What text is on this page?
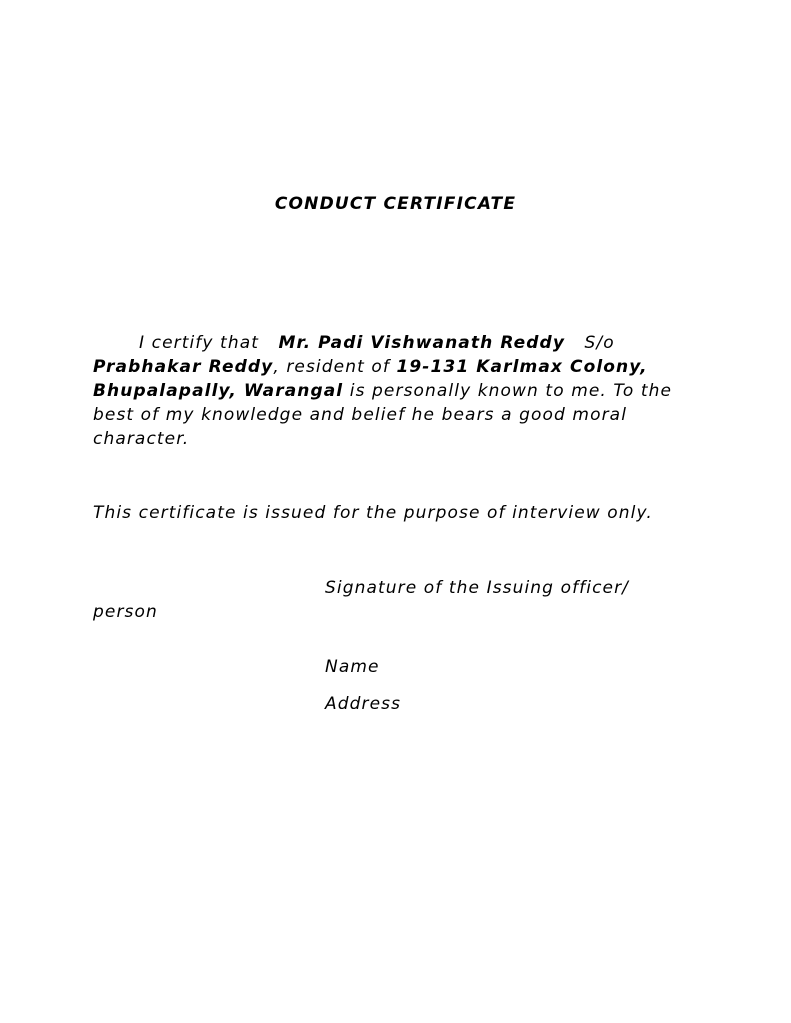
CONDUCT CERTIFICATE

I certify that Mr. Padi Vishwanath Reddy S/o Prabhakar Reddy, resident of 19-131 Karlmax Colony, Bhupalapally, Warangal is personally known to me. To the best of my knowledge and belief he bears a good moral character.

This certificate is issued for the purpose of interview only.

Signature of the Issuing officer/
person
Name
Address
